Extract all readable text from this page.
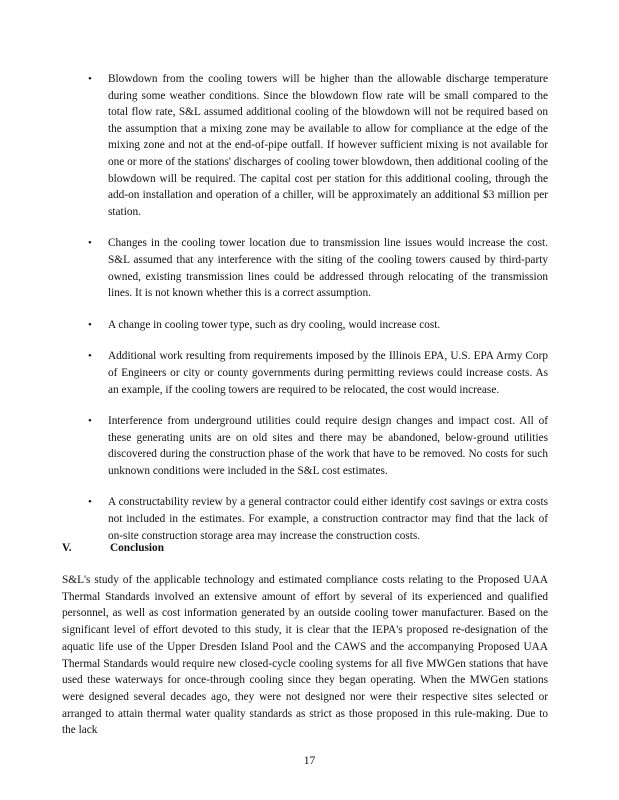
• Blowdown from the cooling towers will be higher than the allowable discharge temperature during some weather conditions. Since the blowdown flow rate will be small compared to the total flow rate, S&L assumed additional cooling of the blowdown will not be required based on the assumption that a mixing zone may be available to allow for compliance at the edge of the mixing zone and not at the end-of-pipe outfall. If however sufficient mixing is not available for one or more of the stations' discharges of cooling tower blowdown, then additional cooling of the blowdown will be required. The capital cost per station for this additional cooling, through the add-on installation and operation of a chiller, will be approximately an additional $3 million per station.
• Changes in the cooling tower location due to transmission line issues would increase the cost. S&L assumed that any interference with the siting of the cooling towers caused by third-party owned, existing transmission lines could be addressed through relocating of the transmission lines. It is not known whether this is a correct assumption.
• A change in cooling tower type, such as dry cooling, would increase cost.
• Additional work resulting from requirements imposed by the Illinois EPA, U.S. EPA Army Corp of Engineers or city or county governments during permitting reviews could increase costs. As an example, if the cooling towers are required to be relocated, the cost would increase.
• Interference from underground utilities could require design changes and impact cost. All of these generating units are on old sites and there may be abandoned, below-ground utilities discovered during the construction phase of the work that have to be removed. No costs for such unknown conditions were included in the S&L cost estimates.
• A constructability review by a general contractor could either identify cost savings or extra costs not included in the estimates. For example, a construction contractor may find that the lack of on-site construction storage area may increase the construction costs.
V.	Conclusion

S&L's study of the applicable technology and estimated compliance costs relating to the Proposed UAA Thermal Standards involved an extensive amount of effort by several of its experienced and qualified personnel, as well as cost information generated by an outside cooling tower manufacturer. Based on the significant level of effort devoted to this study, it is clear that the IEPA's proposed re-designation of the aquatic life use of the Upper Dresden Island Pool and the CAWS and the accompanying Proposed UAA Thermal Standards would require new closed-cycle cooling systems for all five MWGen stations that have used these waterways for once-through cooling since they began operating. When the MWGen stations were designed several decades ago, they were not designed nor were their respective sites selected or arranged to attain thermal water quality standards as strict as those proposed in this rule-making. Due to the lack

17
